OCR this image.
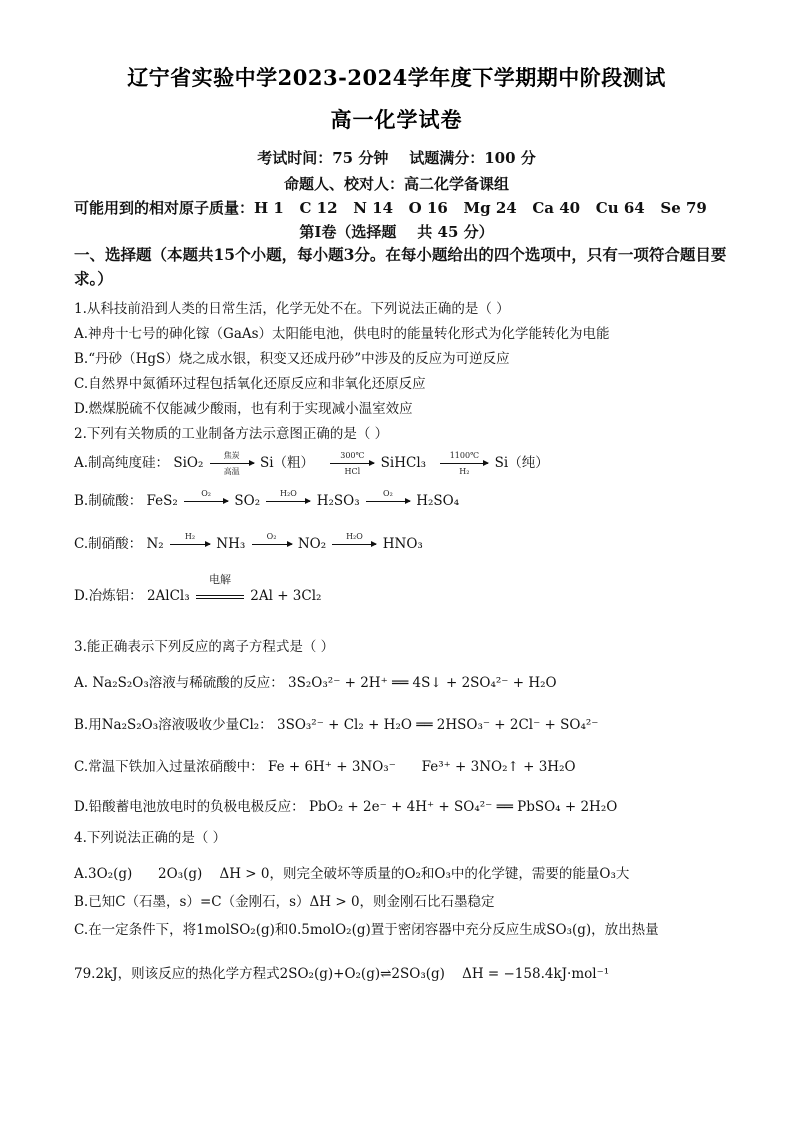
辽宁省实验中学2023-2024学年度下学期期中阶段测试
高一化学试卷
考试时间：75 分钟    试题满分：100 分
命题人、校对人：高二化学备课组
可能用到的相对原子质量：H 1   C 12   N 14   O 16   Mg 24   Ca 40   Cu 64   Se 79
第Ⅰ卷（选择题    共 45 分）
一、选择题（本题共15个小题，每小题3分。在每小题给出的四个选项中，只有一项符合题目要求。）
1.从科技前沿到人类的日常生活，化学无处不在。下列说法正确的是（ ）
A.神舟十七号的砷化镓（GaAs）太阳能电池，供电时的能量转化形式为化学能转化为电能
B.“丹砂（HgS）烧之成水银，积变又还成丹砂”中涉及的反应为可逆反应
C.自然界中氮循环过程包括氧化还原反应和非氧化还原反应
D.燃煤脱硫不仅能减少酸雨，也有利于实现减小温室效应
2.下列有关物质的工业制备方法示意图正确的是（ ）
A.制高纯度硅： SiO₂	焦炭
高温
Si（粗）	300℃
HCl
SiHCl₃ $\frac{1100℃}{\text{H₂}} Si$（纯）
B.制硫酸： FeS₂	O₂	SO₂	H₂O	H₂SO₃	O₂	H₂SO₄
C.制硝酸： N₂	H₂	NH₃	O₂	NO₂	H₂O	HNO₃
D.冶炼铝： 2AlCl₃
电解
2Al + 3Cl₂
3.能正确表示下列反应的离子方程式是（ ）
A. Na₂S₂O₃溶液与稀硫酸的反应： 3S₂O₃²⁻ + 2H⁺ ══ 4S↓ + 2SO₄²⁻ + H₂O
B.用Na₂S₂O₃溶液吸收少量Cl₂： 3SO₃²⁻ + Cl₂ + H₂O ══ 2HSO₃⁻ + 2Cl⁻ + SO₄²⁻
C.常温下铁加入过量浓硝酸中： Fe + 6H⁺ + 3NO₃⁻      Fe³⁺ + 3NO₂↑ + 3H₂O
D.铅酸蓄电池放电时的负极电极反应： PbO₂ + 2e⁻ + 4H⁺ + SO₄²⁻ ══ PbSO₄ + 2H₂O
4.下列说法正确的是（ ）
A.3O₂(g)      2O₃(g)    ΔH > 0，则完全破坏等质量的O₂和O₃中的化学键，需要的能量O₃大
B.已知C（石墨，s）=C（金刚石，s）ΔH > 0，则金刚石比石墨稳定
C.在一定条件下，将1molSO₂(g)和0.5molO₂(g)置于密闭容器中充分反应生成SO₃(g)，放出热量
79.2kJ，则该反应的热化学方程式2SO₂(g)+O₂(g)⇌2SO₃(g)    ΔH = −158.4kJ·mol⁻¹
